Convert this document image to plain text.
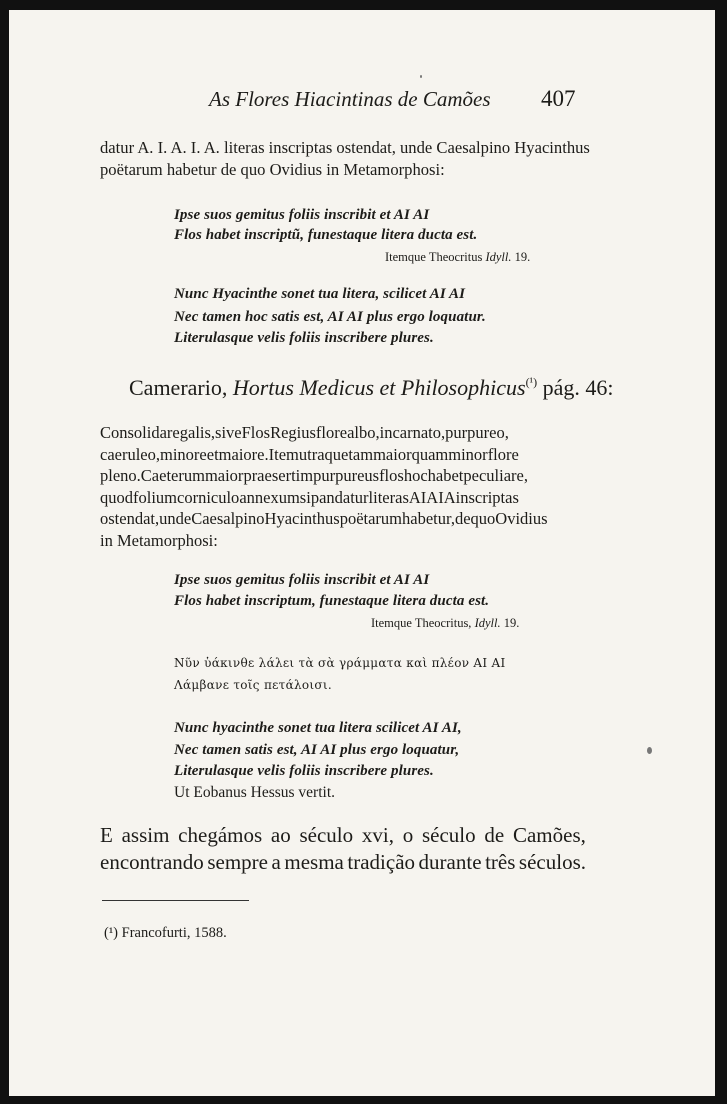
As Flores Hiacintinas de Camões 407
datur A. I. A. I. A. literas inscriptas ostendat, unde Caesalpino Hyacinthus
poëtarum habetur de quo Ovidius in Metamorphosi:
Ipse suos gemitus foliis inscribit et AI AI
Flos habet inscriptũ, funestaque litera ducta est.
Itemque Theocritus Idyll. 19.
Nunc Hyacinthe sonet tua litera, scilicet AI AI
Nec tamen hoc satis est, AI AI plus ergo loquatur.
Literulasque velis foliis inscribere plures.
Camerario, Hortus Medicus et Philosophicus$^{(^1)}$ pág. 46:
Consolidaregalis,siveFlosRegiusflorealbo,incarnato,purpureo,
caeruleo,minoreetmaiore.Itemutraquetammaiorquamminorflore
pleno.Caeterummaiorpraesertimpurpureusfloshochabetpeculiare,
quodfoliumcorniculoannexumsipandaturliterasAIAIAinscriptas
ostendat,undeCaesalpinoHyacinthuspoëtarumhabetur,dequoOvidius
in Metamorphosi:
Ipse suos gemitus foliis inscribit et AI AI
Flos habet inscriptum, funestaque litera ducta est.
Itemque Theocritus, Idyll. 19.
Νῦν ὑάκινθε λάλει τὰ σὰ γράμματα καὶ πλέον AI AI
Λάμβανε τοῖς πετάλοισι.
Nunc hyacinthe sonet tua litera scilicet AI AI,
Nec tamen satis est, AI AI plus ergo loquatur,
Literulasque velis foliis inscribere plures.
Ut Eobanus Hessus vertit.
E assim chegámos ao século xvi, o século de Camões,
encontrando sempre a mesma tradição durante três séculos.
(¹) Francofurti, 1588.
